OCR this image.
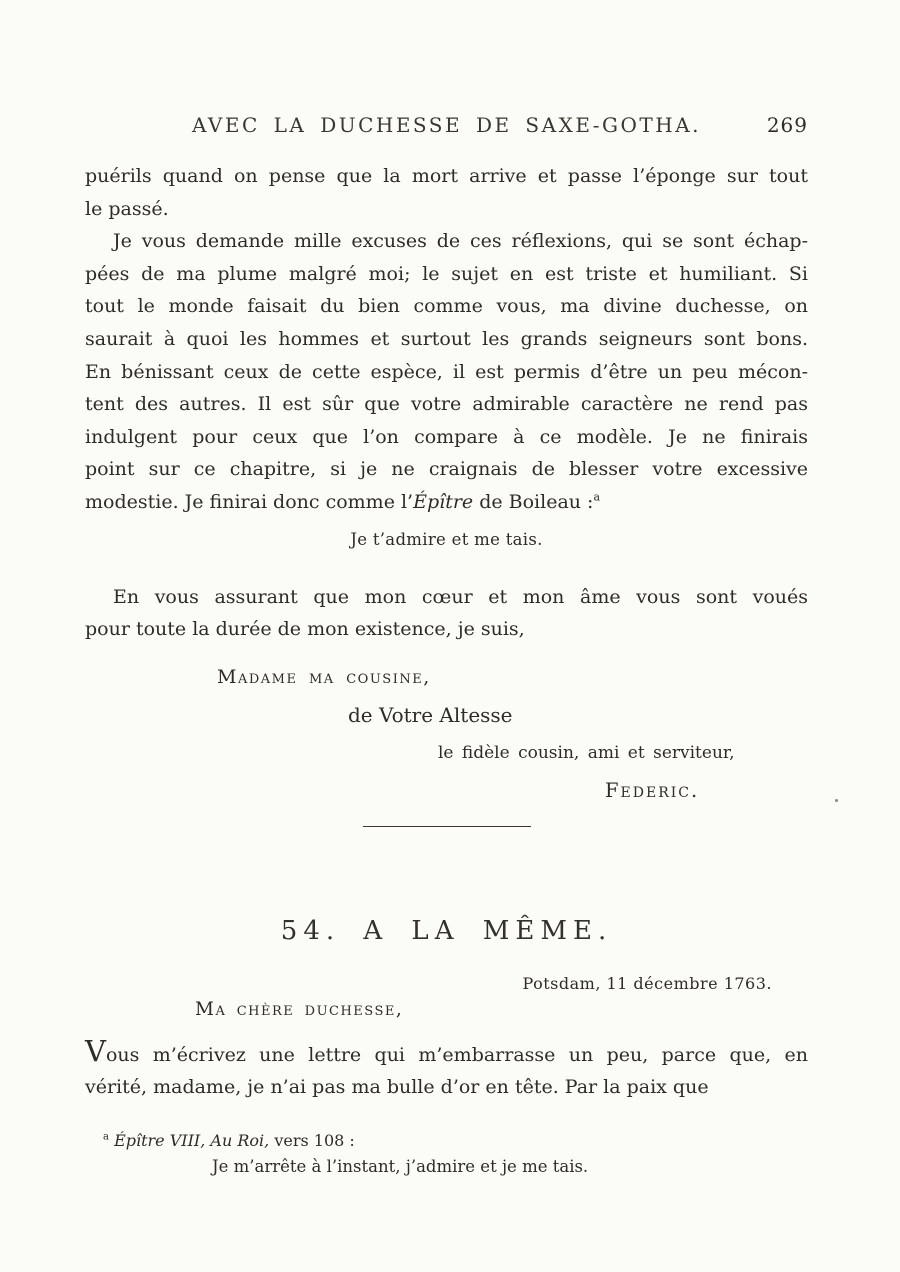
AVEC LA DUCHESSE DE SAXE-GOTHA.	269
puérils quand on pense que la mort arrive et passe l’éponge sur tout
le passé.
Je vous demande mille excuses de ces réflexions, qui se sont échap-
pées de ma plume malgré moi; le sujet en est triste et humiliant. Si
tout le monde faisait du bien comme vous, ma divine duchesse, on
saurait à quoi les hommes et surtout les grands seigneurs sont bons.
En bénissant ceux de cette espèce, il est permis d’être un peu mécon-
tent des autres. Il est sûr que votre admirable caractère ne rend pas
indulgent pour ceux que l’on compare à ce modèle. Je ne finirais
point sur ce chapitre, si je ne craignais de blesser votre excessive
modestie. Je finirai donc comme l’Épître de Boileau :$^a$
Je t’admire et me tais.
En vous assurant que mon cœur et mon âme vous sont voués
pour toute la durée de mon existence, je suis,
Madame ma cousine,
de Votre Altesse
le fidèle cousin, ami et serviteur,
Federic.
54. A LA MÊME.
Potsdam, 11 décembre 1763.
Ma chère duchesse,
Vous m’écrivez une lettre qui m’embarrasse un peu, parce que, en
vérité, madame, je n’ai pas ma bulle d’or en tête. Par la paix que
$^a$ Épître VIII, Au Roi, vers 108 :
Je m’arrête à l’instant, j’admire et je me tais.
